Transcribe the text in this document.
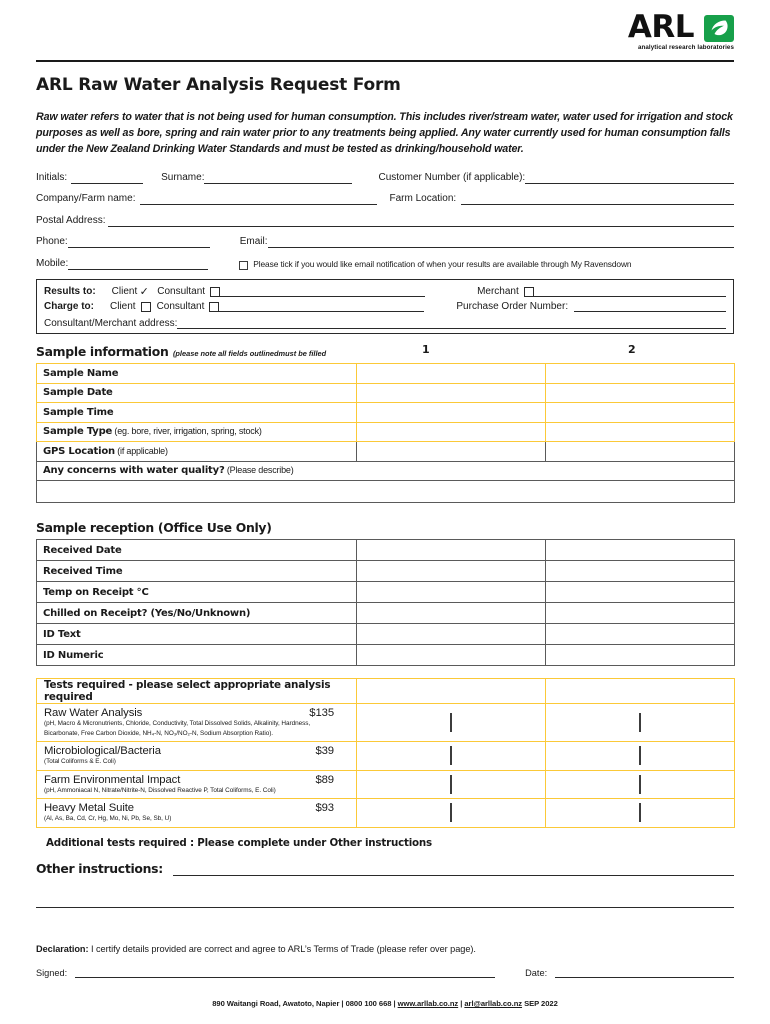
ARL
analytical research laboratories
ARL Raw Water Analysis Request Form
Raw water refers to water that is not being used for human consumption. This includes river/stream water, water used for irrigation and stock purposes as well as bore, spring and rain water prior to any treatments being applied. Any water currently used for human consumption falls under the New Zealand Drinking Water Standards and must be tested as drinking/household water.
Initials:	Surname:	Customer Number (if applicable):
Company/Farm name:	Farm Location:
Postal Address:
Phone:	Email:
Mobile:	Please tick if you would like email notification of when your results are available through My Ravensdown
Results to: Client ✓ Consultant	Merchant
Charge to: Client Consultant	Purchase Order Number:
Consultant/Merchant address:
Sample information (please note all fields outlinedmust be filled	1	2
Sample Name		
Sample Date		
Sample Time		
Sample Type (eg. bore, river, irrigation, spring, stock)		
GPS Location (if applicable)		
Any concerns with water quality? (Please describe)		

Sample reception (Office Use Only)
Received Date		
Received Time		
Temp on Receipt °C		
Chilled on Receipt? (Yes/No/Unknown)		
ID Text		
ID Numeric		
Tests required - please select appropriate analysis required		

Raw Water Analysis $135
(pH, Macro & Micronutrients, Chloride, Conductivity, Total Dissolved Solids, Alkalinity, Hardness,
Bicarbonate, Free Carbon Dioxide, NH₄-N, NO₃/NO₂-N, Sodium Absorption Ratio).		

Microbiological/Bacteria $39
(Total Coliforms & E. Coli)		

Farm Environmental Impact $89
(pH, Ammoniacal N, Nitrate/Nitrite-N, Dissolved Reactive P, Total Coliforms, E. Coli)		

Heavy Metal Suite $93
(Al, As, Ba, Cd, Cr, Hg, Mo, Ni, Pb, Se, Sb, U)		

Additional tests required : Please complete under Other instructions
Other instructions:
Declaration: I certify details provided are correct and agree to ARL’s Terms of Trade (please refer over page).
Signed:	Date:
890 Waitangi Road, Awatoto, Napier | 0800 100 668 | www.arllab.co.nz | arl@arllab.co.nz SEP 2022
